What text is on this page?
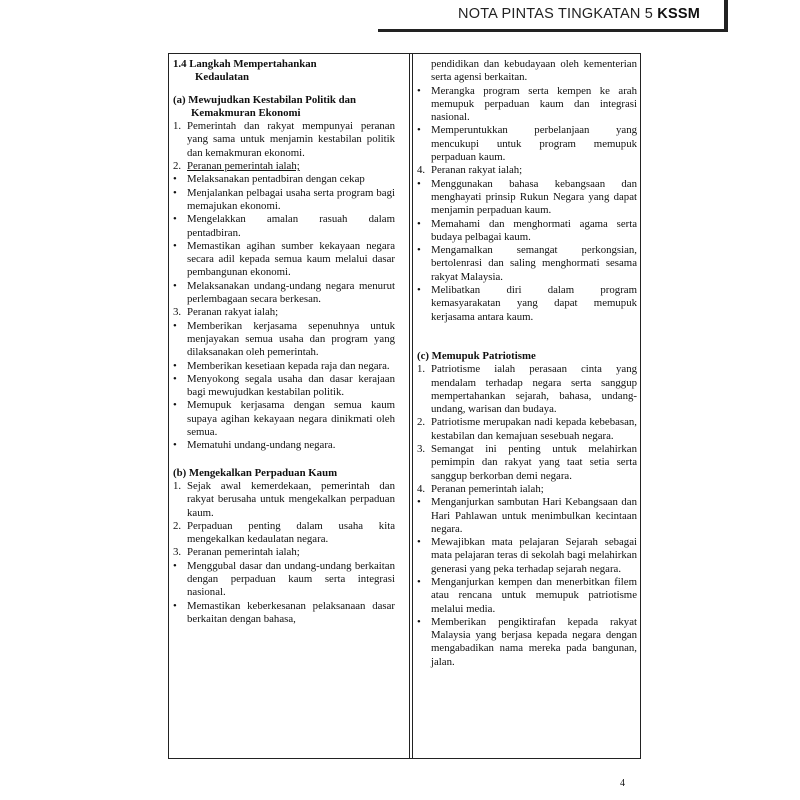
NOTA PINTAS TINGKATAN 5 KSSM
1.4 Langkah Mempertahankan
Kedaulatan
(a) Mewujudkan Kestabilan Politik dan
Kemakmuran Ekonomi
1. Pemerintah dan rakyat mempunyai peranan yang sama untuk menjamin kestabilan politik dan kemakmuran ekonomi.
2. Peranan pemerintah ialah;
• Melaksanakan pentadbiran dengan cekap
• Menjalankan pelbagai usaha serta program bagi memajukan ekonomi.
• Mengelakkan amalan rasuah dalam pentadbiran.
• Memastikan agihan sumber kekayaan negara secara adil kepada semua kaum melalui dasar pembangunan ekonomi.
• Melaksanakan undang-undang negara menurut perlembagaan secara berkesan.
3. Peranan rakyat ialah;
• Memberikan kerjasama sepenuhnya untuk menjayakan semua usaha dan program yang dilaksanakan oleh pemerintah.
• Memberikan kesetiaan kepada raja dan negara.
• Menyokong segala usaha dan dasar kerajaan bagi mewujudkan kestabilan politik.
• Memupuk kerjasama dengan semua kaum supaya agihan kekayaan negara dinikmati oleh semua.
• Mematuhi undang-undang negara.
(b) Mengekalkan Perpaduan Kaum
1. Sejak awal kemerdekaan, pemerintah dan rakyat berusaha untuk mengekalkan perpaduan kaum.
2. Perpaduan penting dalam usaha kita mengekalkan kedaulatan negara.
3. Peranan pemerintah ialah;
• Menggubal dasar dan undang-undang berkaitan dengan perpaduan kaum serta integrasi nasional.
• Memastikan keberkesanan pelaksanaan dasar berkaitan dengan bahasa,
pendidikan dan kebudayaan oleh kementerian serta agensi berkaitan.
• Merangka program serta kempen ke arah memupuk perpaduan kaum dan integrasi nasional.
• Memperuntukkan perbelanjaan yang mencukupi untuk program memupuk perpaduan kaum.
4. Peranan rakyat ialah;
• Menggunakan bahasa kebangsaan dan menghayati prinsip Rukun Negara yang dapat menjamin perpaduan kaum.
• Memahami dan menghormati agama serta budaya pelbagai kaum.
• Mengamalkan semangat perkongsian, bertolenrasi dan saling menghormati sesama rakyat Malaysia.
• Melibatkan diri dalam program kemasyarakatan yang dapat memupuk kerjasama antara kaum.
(c) Memupuk Patriotisme
1. Patriotisme ialah perasaan cinta yang mendalam terhadap negara serta sanggup mempertahankan sejarah, bahasa, undang-undang, warisan dan budaya.
2. Patriotisme merupakan nadi kepada kebebasan, kestabilan dan kemajuan sesebuah negara.
3. Semangat ini penting untuk melahirkan pemimpin dan rakyat yang taat setia serta sanggup berkorban demi negara.
4. Peranan pemerintah ialah;
• Menganjurkan sambutan Hari Kebangsaan dan Hari Pahlawan untuk menimbulkan kecintaan negara.
• Mewajibkan mata pelajaran Sejarah sebagai mata pelajaran teras di sekolah bagi melahirkan generasi yang peka terhadap sejarah negara.
• Menganjurkan kempen dan menerbitkan filem atau rencana untuk memupuk patriotisme melalui media.
• Memberikan pengiktirafan kepada rakyat Malaysia yang berjasa kepada negara dengan mengabadikan nama mereka pada bangunan, jalan.
4
